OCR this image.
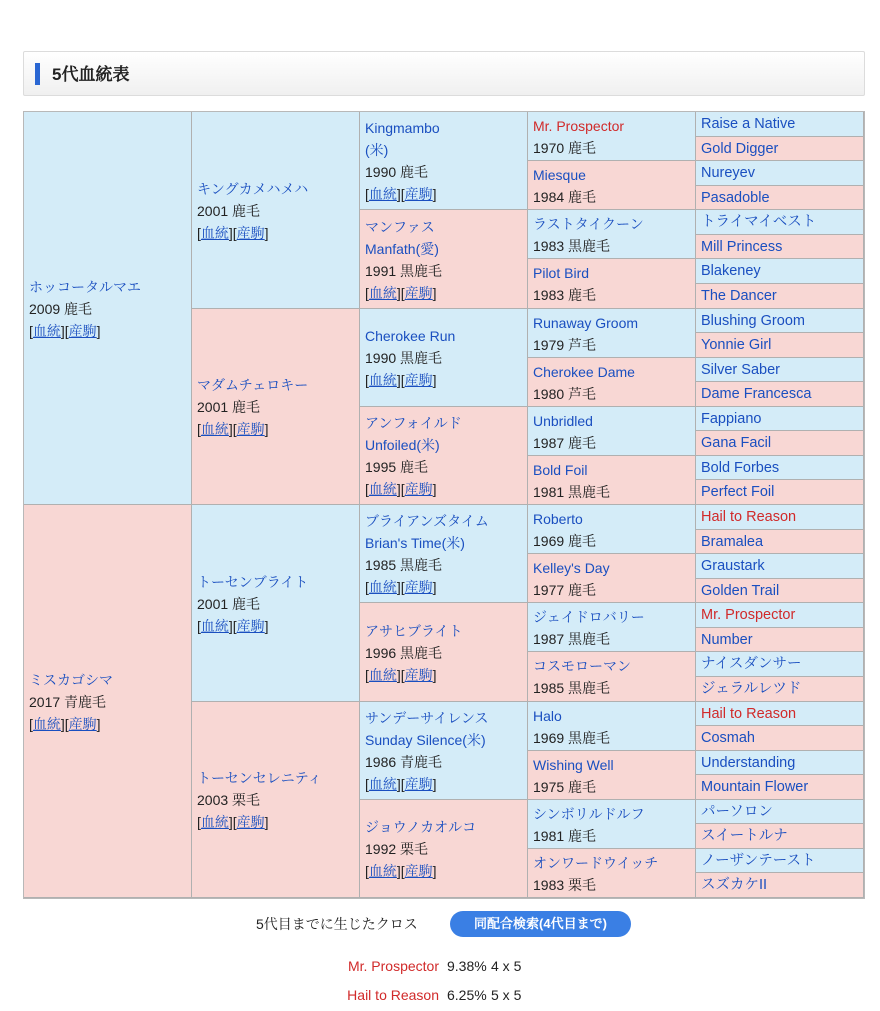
5代血統表
ホッコータルマエ
2009 鹿毛
[血統][産駒]
ミスカゴシマ
2017 青鹿毛
[血統][産駒]
キングカメハメハ
2001 鹿毛
[血統][産駒]
マダムチェロキー
2001 鹿毛
[血統][産駒]
トーセンブライト
2001 鹿毛
[血統][産駒]
トーセンセレニティ
2003 栗毛
[血統][産駒]
Kingmambo
(米)
1990 鹿毛
[血統][産駒]
マンファス
Manfath(愛)
1991 黒鹿毛
[血統][産駒]
Cherokee Run
1990 黒鹿毛
[血統][産駒]
アンフォイルド
Unfoiled(米)
1995 鹿毛
[血統][産駒]
ブライアンズタイム
Brian's Time(米)
1985 黒鹿毛
[血統][産駒]
アサヒブライト
1996 黒鹿毛
[血統][産駒]
サンデーサイレンス
Sunday Silence(米)
1986 青鹿毛
[血統][産駒]
ジョウノカオルコ
1992 栗毛
[血統][産駒]
Mr. Prospector
1970 鹿毛
Miesque
1984 鹿毛
ラストタイクーン
1983 黒鹿毛
Pilot Bird
1983 鹿毛
Runaway Groom
1979 芦毛
Cherokee Dame
1980 芦毛
Unbridled
1987 鹿毛
Bold Foil
1981 黒鹿毛
Roberto
1969 鹿毛
Kelley's Day
1977 鹿毛
ジェイドロバリー
1987 黒鹿毛
コスモローマン
1985 黒鹿毛
Halo
1969 黒鹿毛
Wishing Well
1975 鹿毛
シンボリルドルフ
1981 鹿毛
オンワードウイッチ
1983 栗毛
Raise a Native
Gold Digger
Nureyev
Pasadoble
トライマイベスト
Mill Princess
Blakeney
The Dancer
Blushing Groom
Yonnie Girl
Silver Saber
Dame Francesca
Fappiano
Gana Facil
Bold Forbes
Perfect Foil
Hail to Reason
Bramalea
Graustark
Golden Trail
Mr. Prospector
Number
ナイスダンサー
ジェラルレツド
Hail to Reason
Cosmah
Understanding
Mountain Flower
パーソロン
スイートルナ
ノーザンテースト
スズカケII
5代目までに生じたクロス	同配合検索(4代目まで)
Mr. Prospector 9.38% 4 x 5
Hail to Reason 6.25% 5 x 5
